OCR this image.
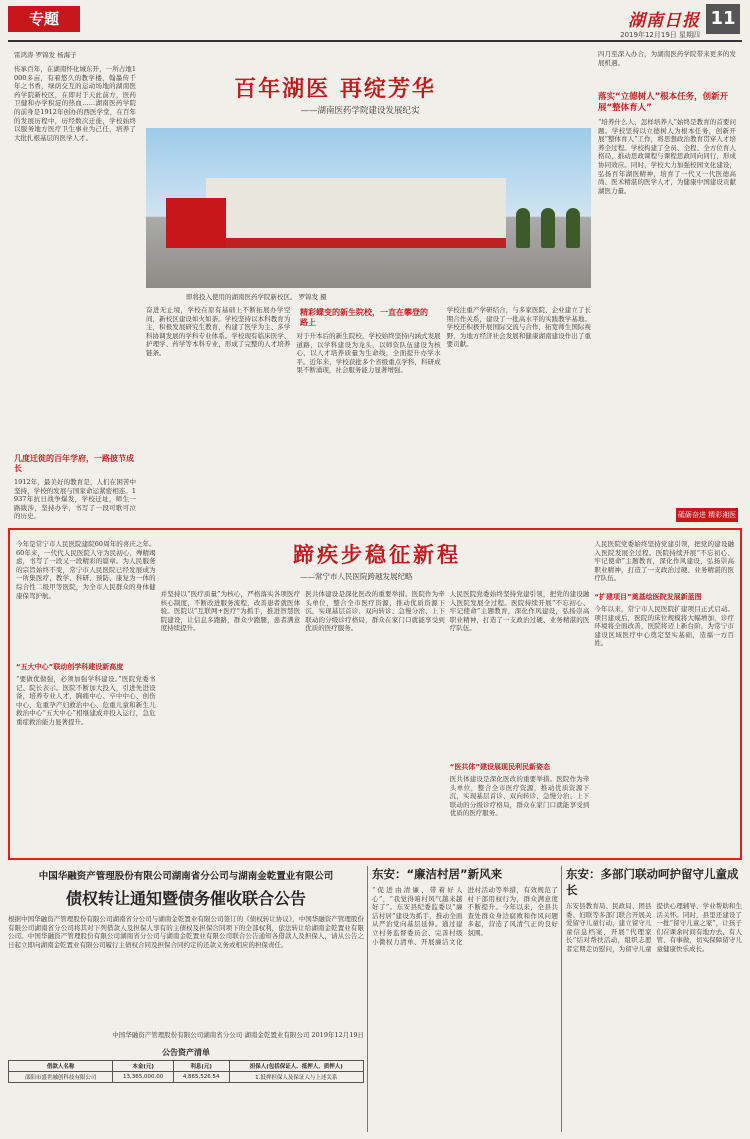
专题	湖南日报 11
2019年12月19日 星期四
雷鸿涛 罗锦发 杨海子
传承百年，在湖南怀化城东开，一所占地1000多亩，有着悠久的教学楼，翰墨传千年之书香，绿荫交互的运动场地的湖南医药学院新校区，在即对于天此前方，医药卫健和办学积淀的热血……湖南医药学院的前身是1912年创办的西医学堂，在百年的发展历程中，历经数次迁徙，学校始终以服务地方医疗卫生事业为己任，培养了大批扎根基层的医学人才。
几度迁徙的百年学府，一路披节成长
1912年，最美好的教育是，人们在困苦中坚持，学校的发展与国家命运紧密相连。1937年抗日战争爆发，学校迁址，师生一路跋涉，坚持办学，书写了一段可歌可泣的历史。
百年湖医 再绽芳华
——湖南医药学院建设发展纪实
即将投入使用的湖南医药学院新校区。 罗锦发 摄
奋进无止境，学校在原有基础上不断拓展办学空间，新校区建设如火如荼。学校坚持以本科教育为主，积极发展研究生教育，构建了医学为主、多学科协调发展的学科专业体系。学校现有临床医学、护理学、药学等本科专业，形成了完整的人才培养链条。
对于升本后的新生院校，学校始终坚持内涵式发展道路，以学科建设为龙头，以师资队伍建设为核心，以人才培养质量为生命线，全面提升办学水平。近年来，学校获批多个省级重点学科，科研成果不断涌现，社会服务能力显著增强。
学校注重产学研结合，与多家医院、企业建立了长期合作关系，建设了一批高水平的实践教学基地。学校还积极开展国际交流与合作，拓宽师生国际视野，为地方经济社会发展和健康湖南建设作出了重要贡献。
精彩蝶变的新生院校，一直在攀登的路上
四月至深入办合，为湖南医药学院带来更多的发展机遇。
落实“立德树人”根本任务，创新开展“整体育人”
“培养什么人，怎样培养人”始终是教育的首要问题。学校坚持以立德树人为根本任务，创新开展“整体育人”工作，将思想政治教育贯穿人才培养全过程。学校构建了全员、全程、全方位育人格局，推动思政课程与课程思政同向同行，形成协同效应。同时，学校大力加强校园文化建设，弘扬百年湖医精神，培育了一代又一代医德高尚、医术精湛的医学人才，为健康中国建设贡献湖医力量。
砥砺奋进 精彩湘医
今年是常宁市人民医院建院60周年的喜庆之年。60年来，一代代人民医院人守为民初心，殚精竭虑，书写了一段又一段精彩的篇章。为人民服务的宗旨始终不变，常宁市人民医院已经发展成为一所集医疗、教学、科研、预防、康复为一体的综合性二级甲等医院，为全市人民群众的身体健康保驾护航。
“五大中心”联动创学科建设新高度
“要做优做强，必须加强学科建设。”医院党委书记、院长表示。医院不断加大投入，引进先进设备，培养专业人才，胸痛中心、卒中中心、创伤中心、危重孕产妇救治中心、危重儿童和新生儿救治中心“五大中心”相继建成并投入运行，急危重症救治能力显著提升。
并坚持以“医疗质量”为核心，严格落实各项医疗核心制度，不断改进服务流程，改善患者就医体验。医院以“互联网+医疗”为抓手，推进智慧医院建设，让信息多跑路，群众少跑腿，患者满意度持续提升。
医共体建设是深化医改的重要举措。医院作为牵头单位，整合全市医疗资源，推动优质资源下沉，实现基层首诊、双向转诊、急慢分治、上下联动的分级诊疗格局，群众在家门口就能享受到优质的医疗服务。
人民医院党委始终坚持党建引领，把党的建设融入医院发展全过程。医院持续开展“不忘初心、牢记使命”主题教育，深化作风建设，弘扬崇高职业精神，打造了一支政治过硬、业务精湛的医疗队伍。
“医共体”建设展现民利民新姿态
医共体建设是深化医改的重要举措。医院作为牵头单位，整合全市医疗资源，推动优质资源下沉，实现基层首诊、双向转诊、急慢分治、上下联动的分级诊疗格局，群众在家门口就能享受到优质的医疗服务。
人民医院党委始终坚持党建引领，把党的建设融入医院发展全过程。医院持续开展“不忘初心、牢记使命”主题教育，深化作风建设，弘扬崇高职业精神，打造了一支政治过硬、业务精湛的医疗队伍。
“扩建项目”奠基绘医院发展新蓝图
今年以来，常宁市人民医院扩建项目正式启动。项目建成后，医院的床位规模将大幅增加，诊疗环境将全面改善，医院将迈上新台阶，为常宁市建设区域医疗中心奠定坚实基础，造福一方百姓。
蹄疾步稳征新程
——常宁市人民医院跨越发展纪略
中国华融资产管理股份有限公司湖南省分公司与湖南金乾置业有限公司
债权转让通知暨债务催收联合公告
根据中国华融资产管理股份有限公司湖南省分公司与湖南金乾置业有限公司签订的《债权转让协议》，中国华融资产管理股份有限公司湖南省分公司将其对下列借款人及担保人享有的主债权及担保合同项下的全部权利，依法转让给湖南金乾置业有限公司。中国华融资产管理股份有限公司湖南省分公司与湖南金乾置业有限公司联合公告通知各借款人及担保人，请从公告之日起立即向湖南金乾置业有限公司履行主债权合同及担保合同约定的还款义务或相应的担保责任。
中国华融资产管理股份有限公司湖南省分公司 湖南金乾置业有限公司 2019年12月19日
公告资产清单
借款人名称	本金(元)	利息(元)	担保人(包括保证人、抵押人、质押人)
邵阳市盛世融创科技有限公司	13,365,000.00	4,865,526.54	1.抵押担保人及保证人与上述关系
东安：“廉洁村居”新风来
“促进由清廉、带着好人心”，“我觉得咱村风气越来越好了”。东安县纪委监委以“廉洁村居”建设为抓手，推动全面从严治党向基层延伸。通过建立村务监督委员会、完善村级小微权力清单、开展廉洁文化进村活动等举措，有效规范了村干部用权行为，群众满意度不断提升。今年以来，全县共查处群众身边腐败和作风问题多起，营造了风清气正的良好氛围。
东安：多部门联动呵护留守儿童成长
东安县教育局、民政局、团县委、妇联等多部门联合开展关爱留守儿童行动，建立留守儿童信息档案，开展“代理家长”结对帮扶活动，组织志愿者定期走访慰问，为留守儿童提供心理辅导、学业帮助和生活关怀。同时，县里还建设了一批“留守儿童之家”，让孩子们在课余时间有地方去、有人管、有事做，切实保障留守儿童健康快乐成长。
